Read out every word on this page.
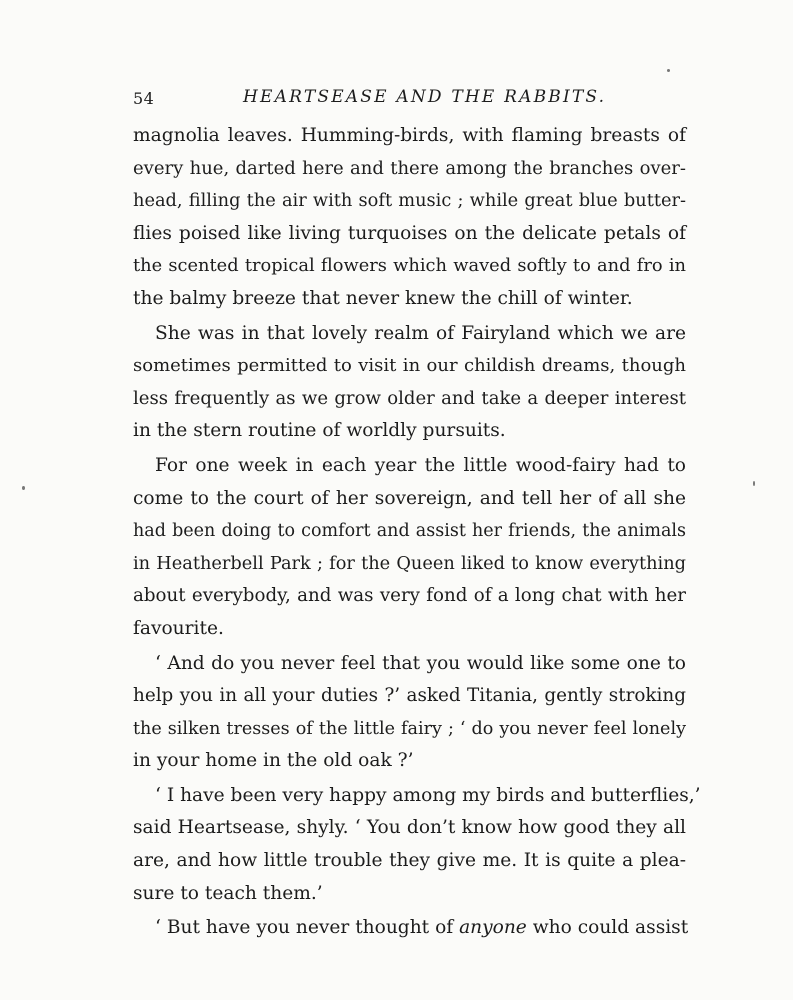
54	HEARTSEASE AND THE RABBITS.
magnolia leaves. Humming-birds, with flaming breasts of
every hue, darted here and there among the branches over-
head, filling the air with soft music ; while great blue butter-
flies poised like living turquoises on the delicate petals of
the scented tropical flowers which waved softly to and fro in
the balmy breeze that never knew the chill of winter.
She was in that lovely realm of Fairyland which we are
sometimes permitted to visit in our childish dreams, though
less frequently as we grow older and take a deeper interest
in the stern routine of worldly pursuits.
For one week in each year the little wood-fairy had to
come to the court of her sovereign, and tell her of all she
had been doing to comfort and assist her friends, the animals
in Heatherbell Park ; for the Queen liked to know everything
about everybody, and was very fond of a long chat with her
favourite.
‘ And do you never feel that you would like some one to
help you in all your duties ?’ asked Titania, gently stroking
the silken tresses of the little fairy ; ‘ do you never feel lonely
in your home in the old oak ?’
‘ I have been very happy among my birds and butterflies,’
said Heartsease, shyly. ‘ You don’t know how good they all
are, and how little trouble they give me. It is quite a plea-
sure to teach them.’
‘ But have you never thought of anyone who could assist
